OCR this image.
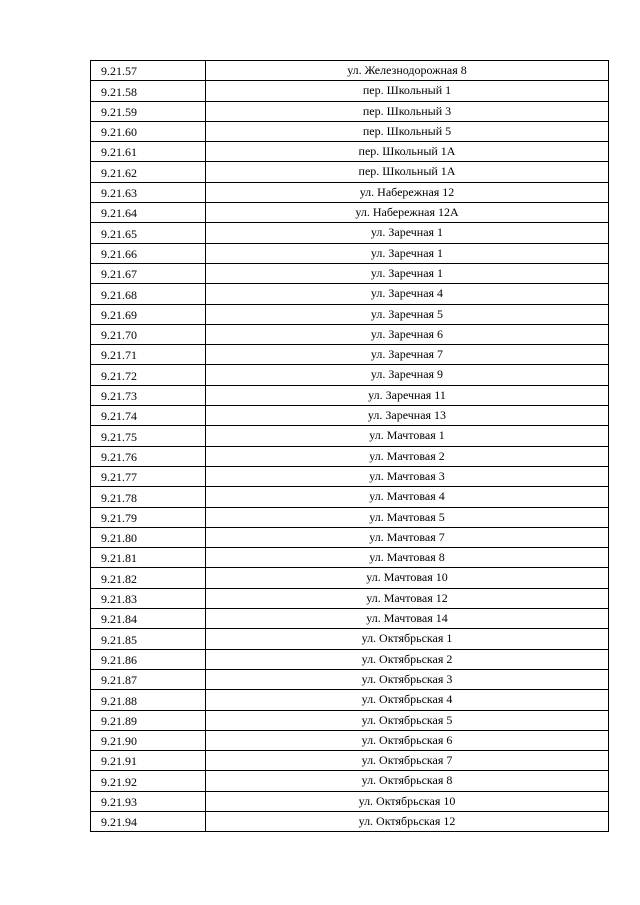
9.21.57	ул. Железнодорожная 8
9.21.58	пер. Школьный 1
9.21.59	пер. Школьный 3
9.21.60	пер. Школьный 5
9.21.61	пер. Школьный 1А
9.21.62	пер. Школьный 1А
9.21.63	ул. Набережная 12
9.21.64	ул. Набережная 12А
9.21.65	ул. Заречная 1
9.21.66	ул. Заречная 1
9.21.67	ул. Заречная 1
9.21.68	ул. Заречная 4
9.21.69	ул. Заречная 5
9.21.70	ул. Заречная 6
9.21.71	ул. Заречная 7
9.21.72	ул. Заречная 9
9.21.73	ул. Заречная 11
9.21.74	ул. Заречная 13
9.21.75	ул. Мачтовая 1
9.21.76	ул. Мачтовая 2
9.21.77	ул. Мачтовая 3
9.21.78	ул. Мачтовая 4
9.21.79	ул. Мачтовая 5
9.21.80	ул. Мачтовая 7
9.21.81	ул. Мачтовая 8
9.21.82	ул. Мачтовая 10
9.21.83	ул. Мачтовая 12
9.21.84	ул. Мачтовая 14
9.21.85	ул. Октябрьская 1
9.21.86	ул. Октябрьская 2
9.21.87	ул. Октябрьская 3
9.21.88	ул. Октябрьская 4
9.21.89	ул. Октябрьская 5
9.21.90	ул. Октябрьская 6
9.21.91	ул. Октябрьская 7
9.21.92	ул. Октябрьская 8
9.21.93	ул. Октябрьская 10
9.21.94	ул. Октябрьская 12
